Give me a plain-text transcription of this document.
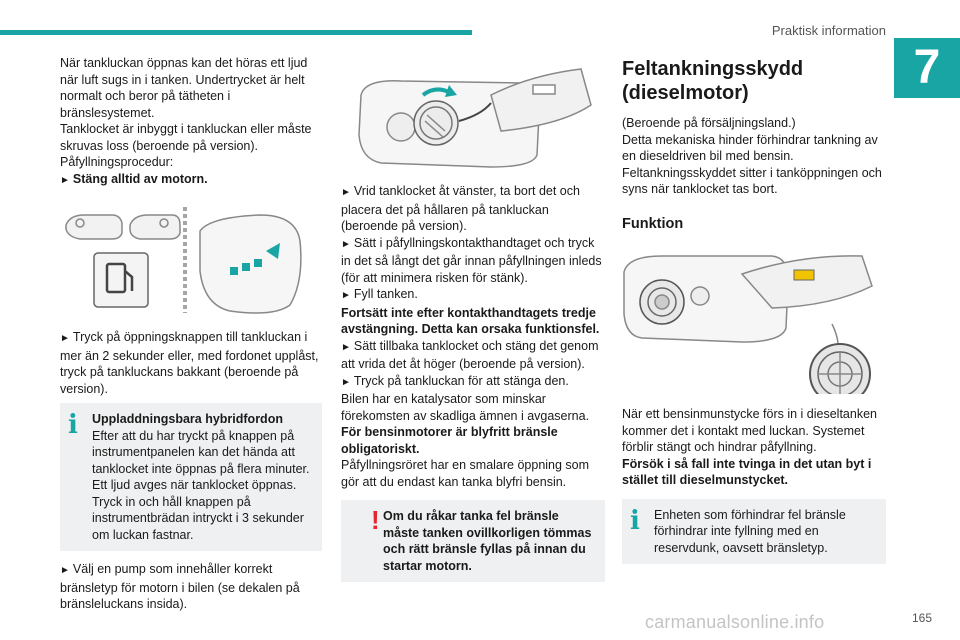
Praktisk information
7

När tankluckan öppnas kan det höras ett ljud när luft sugs in i tanken. Undertrycket är helt normalt och beror på tätheten i bränslesystemet.

Tanklocket är inbyggt i tankluckan eller måste skruvas loss (beroende på version).

Påfyllningsprocedur:

► Stäng alltid av motorn.

► Tryck på öppningsknappen till tankluckan i mer än 2 sekunder eller, med fordonet upplåst, tryck på tankluckans bakkant (beroende på version).

i	Uppladdningsbara hybridfordon

Efter att du har tryckt på knappen på instrumentpanelen kan det hända att tanklocket inte öppnas på flera minuter. Ett ljud avges när tanklocket öppnas.

Tryck in och håll knappen på instrumentbrädan intryckt i 3 sekunder om luckan fastnar.

► Välj en pump som innehåller korrekt bränsletyp för motorn i bilen (se dekalen på bränsleluckans insida).

► Vrid tanklocket åt vänster, ta bort det och placera det på hållaren på tankluckan (beroende på version).

► Sätt i påfyllningskontakthandtaget och tryck in det så långt det går innan påfyllningen inleds (för att minimera risken för stänk).

► Fyll tanken.

Fortsätt inte efter kontakthandtagets tredje avstängning. Detta kan orsaka funktionsfel.

► Sätt tillbaka tanklocket och stäng det genom att vrida det åt höger (beroende på version).

► Tryck på tankluckan för att stänga den.

Bilen har en katalysator som minskar förekomsten av skadliga ämnen i avgaserna.

För bensinmotorer är blyfritt bränsle obligatoriskt.

Påfyllningsröret har en smalare öppning som gör att du endast kan tanka blyfri bensin.

! Om du råkar tanka fel bränsle måste tanken ovillkorligen tömmas och rätt bränsle fyllas på innan du startar motorn.

Feltankningsskydd (dieselmotor)

(Beroende på försäljningsland.)

Detta mekaniska hinder förhindrar tankning av en dieseldriven bil med bensin.

Feltankningsskyddet sitter i tanköppningen och syns när tanklocket tas bort.

Funktion

När ett bensinmunstycke förs in i dieseltanken kommer det i kontakt med luckan. Systemet förblir stängt och hindrar påfyllning.

Försök i så fall inte tvinga in det utan byt i stället till dieselmunstycket.

i	Enheten som förhindrar fel bränsle förhindrar inte fyllning med en reservdunk, oavsett bränsletyp.

carmanualsonline.info	165
